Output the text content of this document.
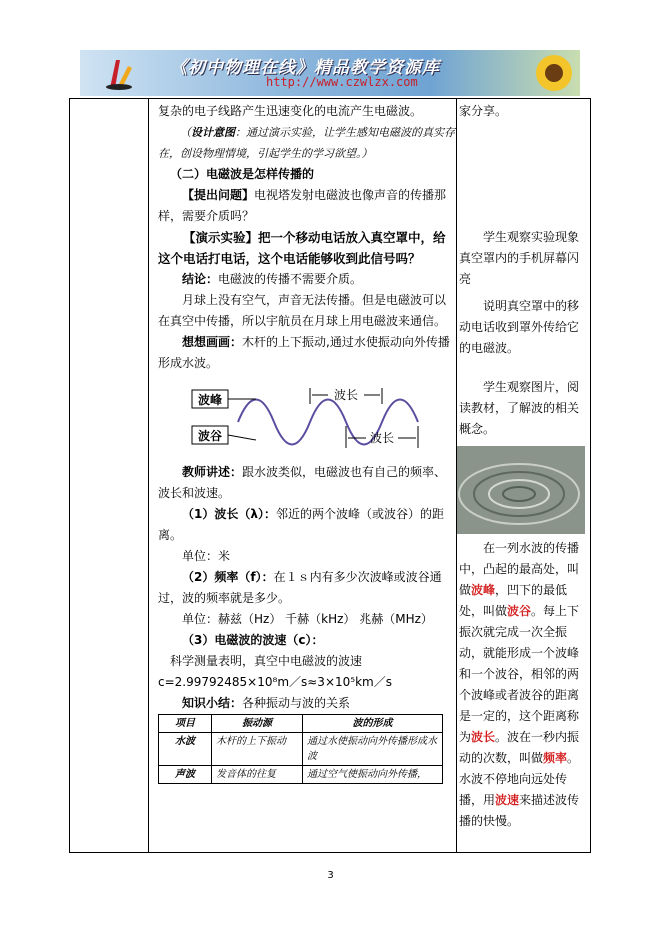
《初中物理在线》精品教学资源库
http://www.czwlzx.com

复杂的电子线路产生迅速变化的电流产生电磁波。

（设计意图：通过演示实验，让学生感知电磁波的真实存在，创设物理情境，引起学生的学习欲望。）

（二）电磁波是怎样传播的

【提出问题】电视塔发射电磁波也像声音的传播那样，需要介质吗？

【演示实验】把一个移动电话放入真空罩中，给这个电话打电话，这个电话能够收到此信号吗？

结论：电磁波的传播不需要介质。

月球上没有空气，声音无法传播。但是电磁波可以在真空中传播，所以宇航员在月球上用电磁波来通信。

想想画画：木杆的上下振动,通过水使振动向外传播形成水波。

波峰
波谷
波长
波长

教师讲述：跟水波类似，电磁波也有自己的频率、波长和波速。

（1）波长（λ）：邻近的两个波峰（或波谷）的距离。

单位：米

（2）频率（f）：在１ｓ内有多少次波峰或波谷通过，波的频率就是多少。

单位：赫兹（Hz） 千赫（kHz） 兆赫（MHz）

（3）电磁波的波速（c）：

科学测量表明，真空中电磁波的波速

c=2.99792485×10⁸m／s≈3×10⁵km／s

知识小结：各种振动与波的关系

项目	振动源	波的形成
水波	木杆的上下振动	通过水使振动向外传播形成水波
声波	发音体的往复	通过空气使振动向外传播，

家分享。

学生观察实验现象真空罩内的手机屏幕闪亮

说明真空罩中的移动电话收到罩外传给它的电磁波。

学生观察图片，阅读教材，了解波的相关概念。

在一列水波的传播中，凸起的最高处，叫做波峰，凹下的最低处，叫做波谷。每上下振次就完成一次全振动，就能形成一个波峰和一个波谷，相邻的两个波峰或者波谷的距离是一定的，这个距离称为波长。波在一秒内振动的次数，叫做频率。水波不停地向远处传播，用波速来描述波传播的快慢。

3
